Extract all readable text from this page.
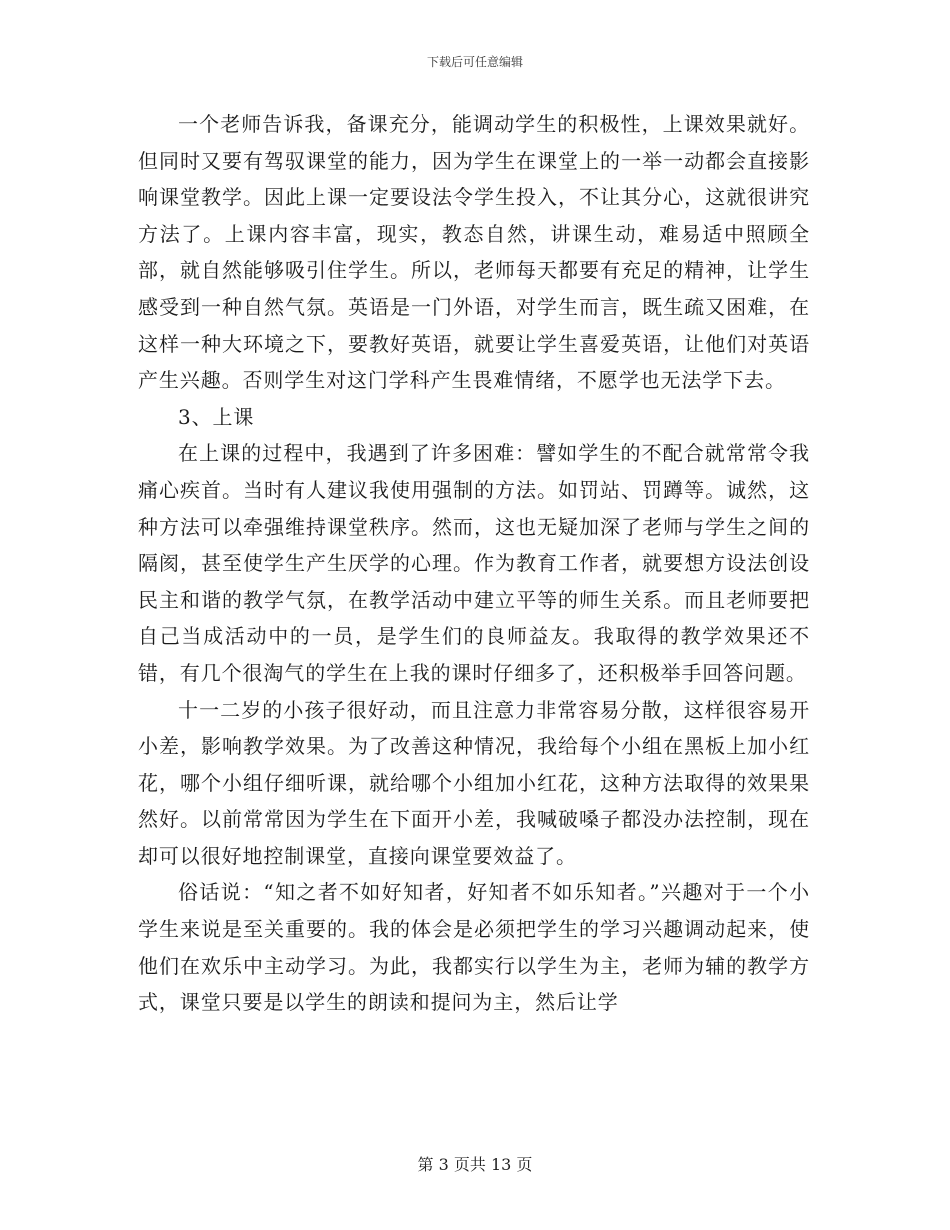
下载后可任意编辑

一个老师告诉我，备课充分，能调动学生的积极性，上课效果就好。但同时又要有驾驭课堂的能力，因为学生在课堂上的一举一动都会直接影响课堂教学。因此上课一定要设法令学生投入，不让其分心，这就很讲究方法了。上课内容丰富，现实，教态自然，讲课生动，难易适中照顾全部，就自然能够吸引住学生。所以，老师每天都要有充足的精神，让学生感受到一种自然气氛。英语是一门外语，对学生而言，既生疏又困难，在这样一种大环境之下，要教好英语，就要让学生喜爱英语，让他们对英语产生兴趣。否则学生对这门学科产生畏难情绪，不愿学也无法学下去。

3、上课

在上课的过程中，我遇到了许多困难：譬如学生的不配合就常常令我痛心疾首。当时有人建议我使用强制的方法。如罚站、罚蹲等。诚然，这种方法可以牵强维持课堂秩序。然而，这也无疑加深了老师与学生之间的隔阂，甚至使学生产生厌学的心理。作为教育工作者，就要想方设法创设民主和谐的教学气氛，在教学活动中建立平等的师生关系。而且老师要把自己当成活动中的一员，是学生们的良师益友。我取得的教学效果还不错，有几个很淘气的学生在上我的课时仔细多了，还积极举手回答问题。

十一二岁的小孩子很好动，而且注意力非常容易分散，这样很容易开小差，影响教学效果。为了改善这种情况，我给每个小组在黑板上加小红花，哪个小组仔细听课，就给哪个小组加小红花，这种方法取得的效果果然好。以前常常因为学生在下面开小差，我喊破嗓子都没办法控制，现在却可以很好地控制课堂，直接向课堂要效益了。

俗话说：“知之者不如好知者，好知者不如乐知者。”兴趣对于一个小学生来说是至关重要的。我的体会是必须把学生的学习兴趣调动起来，使他们在欢乐中主动学习。为此，我都实行以学生为主，老师为辅的教学方式，课堂只要是以学生的朗读和提问为主，然后让学

第 3 页共 13 页
